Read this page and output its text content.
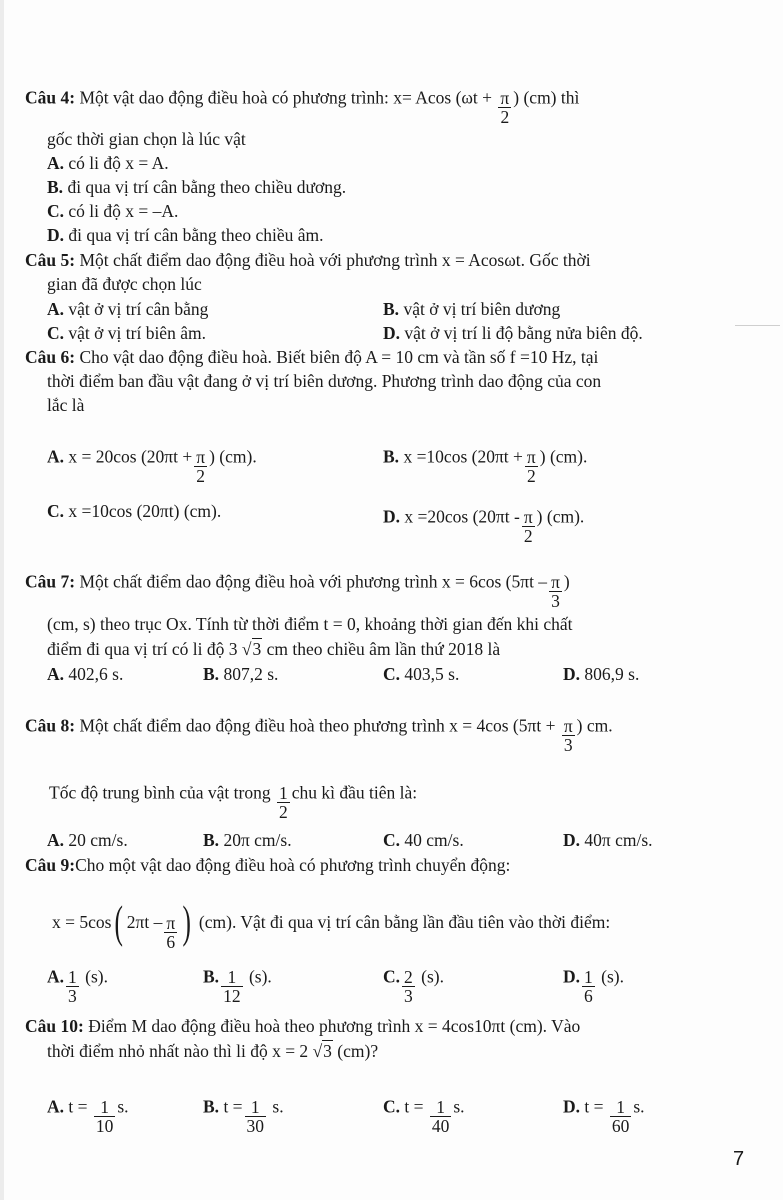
Câu 4: Một vật dao động điều hoà có phương trình: x= Acos ($\omega t + \frac{\pi}{2}$ ) (cm) thì
gốc thời gian chọn là lúc vật
A. có li độ x = A.
B. đi qua vị trí cân bằng theo chiều dương.
C. có li độ x = –A.
D. đi qua vị trí cân bằng theo chiều âm.
Câu 5: Một chất điểm dao động điều hoà với phương trình x = Acosωt. Gốc thời
gian đã được chọn lúc
A. vật ở vị trí cân bằng	B. vật ở vị trí biên dương
C. vật ở vị trí biên âm.	D. vật ở vị trí li độ bằng nửa biên độ.
Câu 6: Cho vật dao động điều hoà. Biết biên độ A = 10 cm và tần số f =10 Hz, tại
thời điểm ban đầu vật đang ở vị trí biên dương. Phương trình dao động của con
lắc là
A. x = 20cos ($20\pi t + \frac{\pi}{2}$ ) (cm).	B. x =10cos ($20\pi t + \frac{\pi}{2}$ ) (cm).
C. x =10cos (20πt) (cm).	D. x =20cos ($20\pi t - \frac{\pi}{2}$ ) (cm).
Câu 7: Một chất điểm dao động điều hoà với phương trình x = 6cos ($5\pi t - \frac{\pi}{3}$ )
(cm, s) theo trục Ox. Tính từ thời điểm t = 0, khoảng thời gian đến khi chất
điểm đi qua vị trí có li độ 3 √3 cm theo chiều âm lần thứ 2018 là
A. 402,6 s.	B. 807,2 s.	C. 403,5 s.	D. 806,9 s.
Câu 8: Một chất điểm dao động điều hoà theo phương trình x = 4cos ($5\pi t + \frac{\pi}{3}$ ) cm.
Tốc độ trung bình của vật trong $\frac{1}{2}$ chu kì đầu tiên là:
A. 20 cm/s.	B. 20π cm/s.	C. 40 cm/s.	D. 40π cm/s.
Câu 9:Cho một vật dao động điều hoà có phương trình chuyển động:
x = 5cos( $2\pi t - \frac{\pi}{6}$ ) (cm). Vật đi qua vị trí cân bằng lần đầu tiên vào thời điểm:
A. $\frac{1}{3} (s)$.	B. $\frac{1}{12} (s)$.	C. $\frac{2}{3} (s)$.	D. $\frac{1}{6} (s)$.
Câu 10: Điểm M dao động điều hoà theo phương trình x = 4cos10πt (cm). Vào
thời điểm nhỏ nhất nào thì li độ x = 2 √3 (cm)?
A. $t = \frac{1}{10} s$.	B. $t = \frac{1}{30} s$.	C. $t = \frac{1}{40} s$.	D. $t = \frac{1}{60} s$.
7
